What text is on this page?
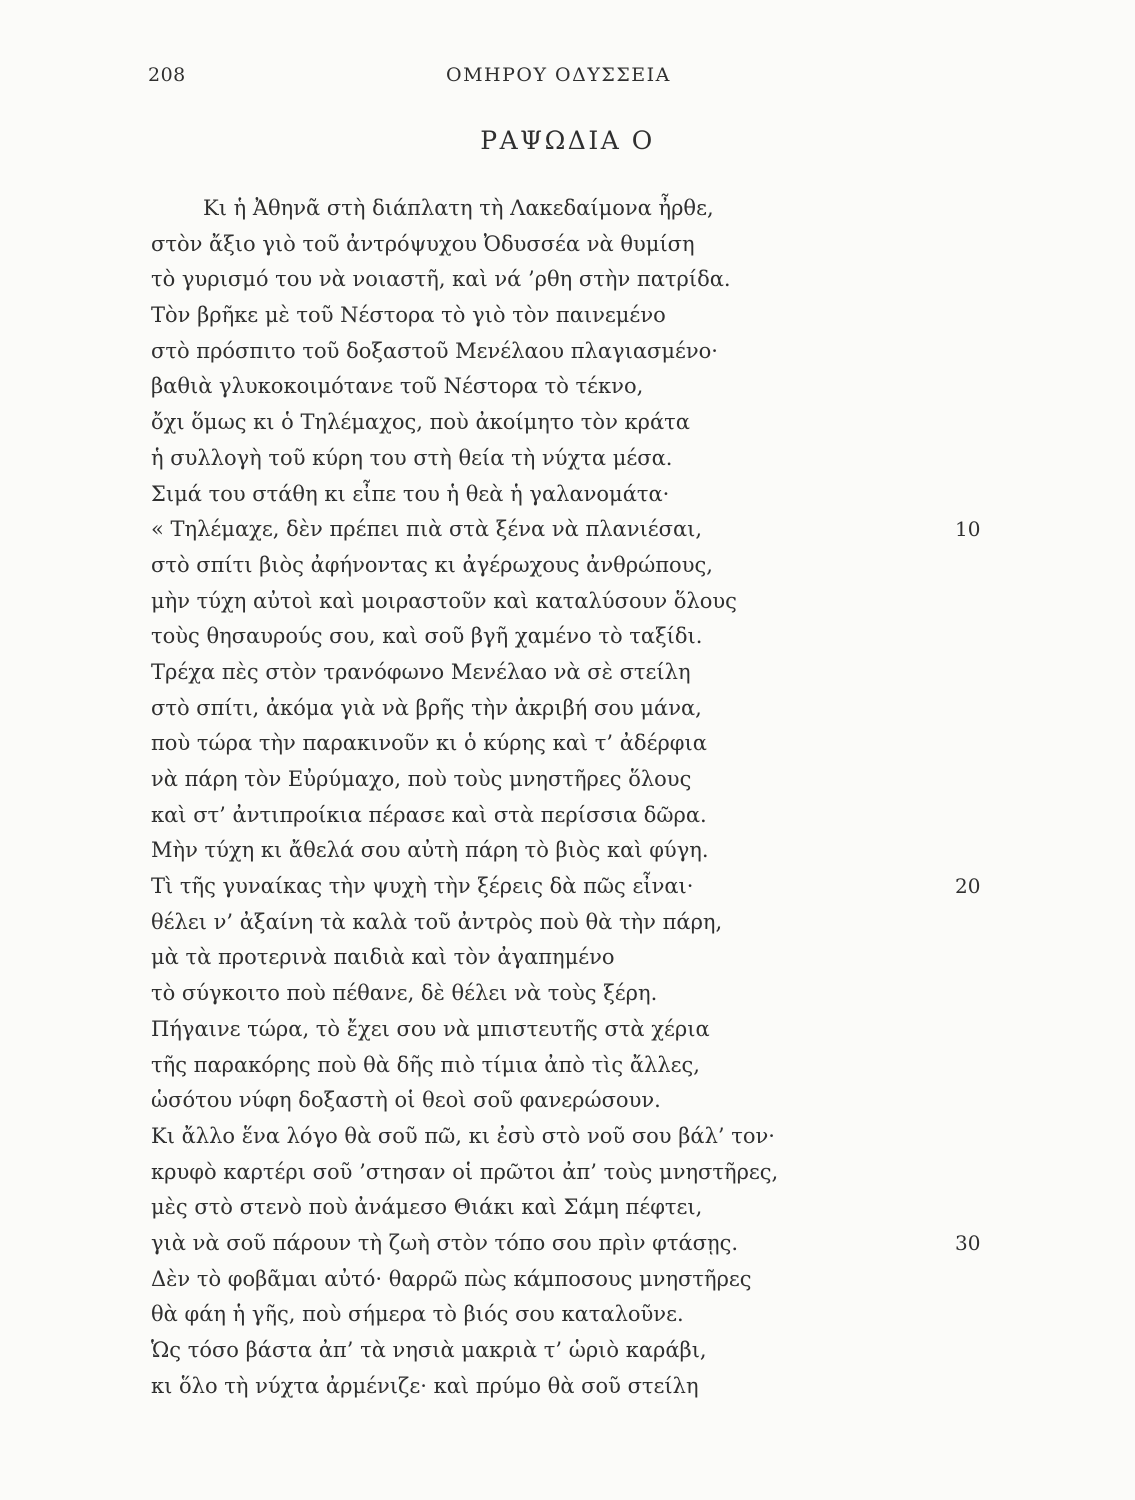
208	ΟΜΗΡΟΥ ΟΔΥΣΣΕΙΑ
ΡΑΨΩΔΙΑ Ο
Κι ἡ Ἀθηνᾶ στὴ διάπλατη τὴ Λακεδαίμονα ἦρθε,
στὸν ἄξιο γιὸ τοῦ ἀντρόψυχου Ὀδυσσέα νὰ θυμίση
τὸ γυρισμό του νὰ νοιαστῆ, καὶ νά ’ρθη στὴν πατρίδα.
Τὸν βρῆκε μὲ τοῦ Νέστορα τὸ γιὸ τὸν παινεμένο
στὸ πρόσπιτο τοῦ δοξαστοῦ Μενέλαου πλαγιασμένο·
βαθιὰ γλυκοκοιμότανε τοῦ Νέστορα τὸ τέκνο,
ὄχι ὅμως κι ὁ Τηλέμαχος, ποὺ ἀκοίμητο τὸν κράτα
ἡ συλλογὴ τοῦ κύρη του στὴ θεία τὴ νύχτα μέσα.
Σιμά του στάθη κι εἶπε του ἡ θεὰ ἡ γαλανομάτα·
« Τηλέμαχε, δὲν πρέπει πιὰ στὰ ξένα νὰ πλανιέσαι,	10
στὸ σπίτι βιὸς ἀφήνοντας κι ἀγέρωχους ἀνθρώπους,
μὴν τύχη αὐτοὶ καὶ μοιραστοῦν καὶ καταλύσουν ὅλους
τοὺς θησαυρούς σου, καὶ σοῦ βγῆ χαμένο τὸ ταξίδι.
Τρέχα πὲς στὸν τρανόφωνο Μενέλαο νὰ σὲ στείλη
στὸ σπίτι, ἀκόμα γιὰ νὰ βρῆς τὴν ἀκριβή σου μάνα,
ποὺ τώρα τὴν παρακινοῦν κι ὁ κύρης καὶ τ’ ἀδέρφια
νὰ πάρη τὸν Εὐρύμαχο, ποὺ τοὺς μνηστῆρες ὅλους
καὶ στ’ ἀντιπροίκια πέρασε καὶ στὰ περίσσια δῶρα.
Μὴν τύχη κι ἄθελά σου αὐτὴ πάρη τὸ βιὸς καὶ φύγη.
Τὶ τῆς γυναίκας τὴν ψυχὴ τὴν ξέρεις δὰ πῶς εἶναι·	20
θέλει ν’ ἀξαίνη τὰ καλὰ τοῦ ἀντρὸς ποὺ θὰ τὴν πάρη,
μὰ τὰ προτερινὰ παιδιὰ καὶ τὸν ἀγαπημένο
τὸ σύγκοιτο ποὺ πέθανε, δὲ θέλει νὰ τοὺς ξέρη.
Πήγαινε τώρα, τὸ ἔχει σου νὰ μπιστευτῆς στὰ χέρια
τῆς παρακόρης ποὺ θὰ δῆς πιὸ τίμια ἀπὸ τὶς ἄλλες,
ὡσότου νύφη δοξαστὴ οἱ θεοὶ σοῦ φανερώσουν.
Κι ἄλλο ἕνα λόγο θὰ σοῦ πῶ, κι ἐσὺ στὸ νοῦ σου βάλ’ τον·
κρυφὸ καρτέρι σοῦ ’στησαν οἱ πρῶτοι ἀπ’ τοὺς μνηστῆρες,
μὲς στὸ στενὸ ποὺ ἀνάμεσο Θιάκι καὶ Σάμη πέφτει,
γιὰ νὰ σοῦ πάρουν τὴ ζωὴ στὸν τόπο σου πρὶν φτάσῃς.	30
Δὲν τὸ φοβᾶμαι αὐτό· θαρρῶ πὼς κάμποσους μνηστῆρες
θὰ φάη ἡ γῆς, ποὺ σήμερα τὸ βιός σου καταλοῦνε.
Ὡς τόσο βάστα ἀπ’ τὰ νησιὰ μακριὰ τ’ ὡριὸ καράβι,
κι ὅλο τὴ νύχτα ἀρμένιζε· καὶ πρύμο θὰ σοῦ στείλη
